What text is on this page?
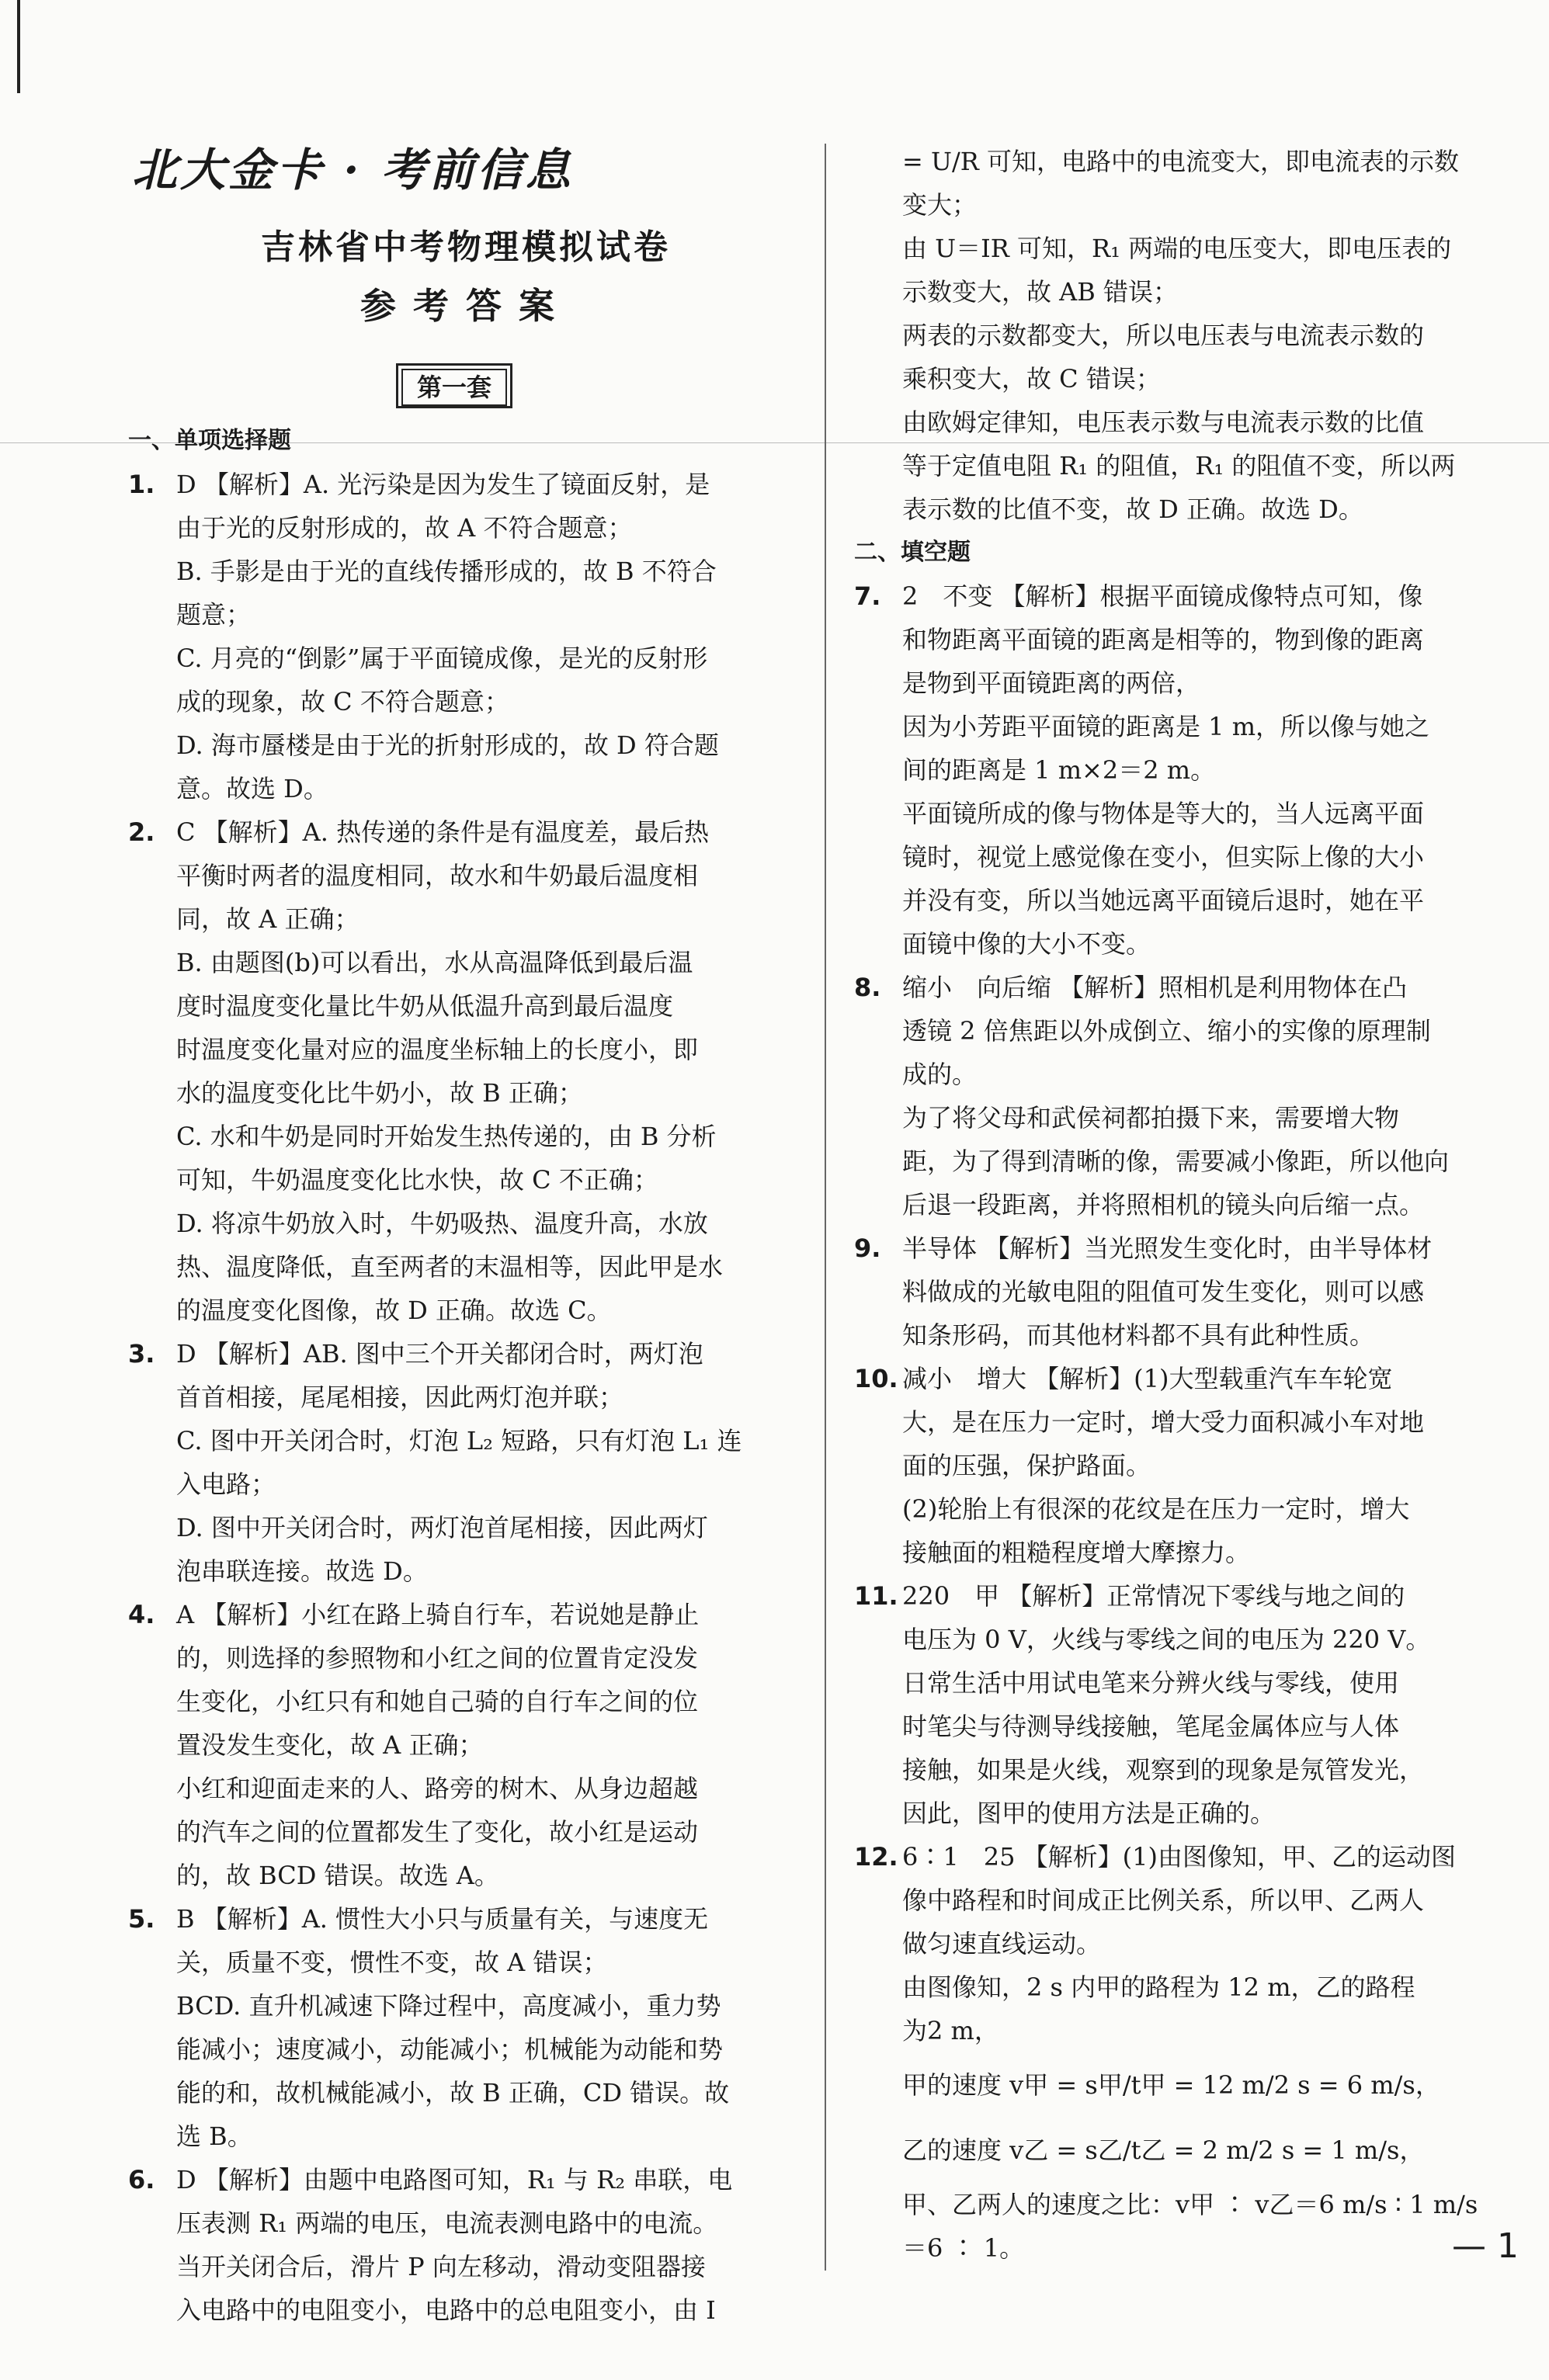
北大金卡 · 考前信息
吉林省中考物理模拟试卷
参考答案
第一套

一、单项选择题

1. D 【解析】A. 光污染是因为发生了镜面反射，是

由于光的反射形成的，故 A 不符合题意；

B. 手影是由于光的直线传播形成的，故 B 不符合

题意；

C. 月亮的“倒影”属于平面镜成像，是光的反射形

成的现象，故 C 不符合题意；

D. 海市蜃楼是由于光的折射形成的，故 D 符合题

意。故选 D。

2. C 【解析】A. 热传递的条件是有温度差，最后热

平衡时两者的温度相同，故水和牛奶最后温度相

同，故 A 正确；

B. 由题图(b)可以看出，水从高温降低到最后温

度时温度变化量比牛奶从低温升高到最后温度

时温度变化量对应的温度坐标轴上的长度小，即

水的温度变化比牛奶小，故 B 正确；

C. 水和牛奶是同时开始发生热传递的，由 B 分析

可知，牛奶温度变化比水快，故 C 不正确；

D. 将凉牛奶放入时，牛奶吸热、温度升高，水放

热、温度降低，直至两者的末温相等，因此甲是水

的温度变化图像，故 D 正确。故选 C。

3. D 【解析】AB. 图中三个开关都闭合时，两灯泡

首首相接，尾尾相接，因此两灯泡并联；

C. 图中开关闭合时，灯泡 L₂ 短路，只有灯泡 L₁ 连

入电路；

D. 图中开关闭合时，两灯泡首尾相接，因此两灯

泡串联连接。故选 D。

4. A 【解析】小红在路上骑自行车，若说她是静止

的，则选择的参照物和小红之间的位置肯定没发

生变化，小红只有和她自己骑的自行车之间的位

置没发生变化，故 A 正确；

小红和迎面走来的人、路旁的树木、从身边超越

的汽车之间的位置都发生了变化，故小红是运动

的，故 BCD 错误。故选 A。

5. B 【解析】A. 惯性大小只与质量有关，与速度无

关，质量不变，惯性不变，故 A 错误；

BCD. 直升机减速下降过程中，高度减小，重力势

能减小；速度减小，动能减小；机械能为动能和势

能的和，故机械能减小，故 B 正确，CD 错误。故

选 B。

6. D 【解析】由题中电路图可知，R₁ 与 R₂ 串联，电

压表测 R₁ 两端的电压，电流表测电路中的电流。

当开关闭合后，滑片 P 向左移动，滑动变阻器接

入电路中的电阻变小，电路中的总电阻变小，由 I

= U/R 可知，电路中的电流变大，即电流表的示数

变大；

由 U＝IR 可知，R₁ 两端的电压变大，即电压表的

示数变大，故 AB 错误；

两表的示数都变大，所以电压表与电流表示数的

乘积变大，故 C 错误；

由欧姆定律知，电压表示数与电流表示数的比值

等于定值电阻 R₁ 的阻值，R₁ 的阻值不变，所以两

表示数的比值不变，故 D 正确。故选 D。

二、填空题

7. 2　不变 【解析】根据平面镜成像特点可知，像

和物距离平面镜的距离是相等的，物到像的距离

是物到平面镜距离的两倍，

因为小芳距平面镜的距离是 1 m，所以像与她之

间的距离是 1 m×2＝2 m。

平面镜所成的像与物体是等大的，当人远离平面

镜时，视觉上感觉像在变小，但实际上像的大小

并没有变，所以当她远离平面镜后退时，她在平

面镜中像的大小不变。

8. 缩小　向后缩 【解析】照相机是利用物体在凸

透镜 2 倍焦距以外成倒立、缩小的实像的原理制

成的。

为了将父母和武侯祠都拍摄下来，需要增大物

距，为了得到清晰的像，需要减小像距，所以他向

后退一段距离，并将照相机的镜头向后缩一点。

9. 半导体 【解析】当光照发生变化时，由半导体材

料做成的光敏电阻的阻值可发生变化，则可以感

知条形码，而其他材料都不具有此种性质。

10. 减小　增大 【解析】(1)大型载重汽车车轮宽

大，是在压力一定时，增大受力面积减小车对地

面的压强，保护路面。

(2)轮胎上有很深的花纹是在压力一定时，增大

接触面的粗糙程度增大摩擦力。

11. 220　甲 【解析】正常情况下零线与地之间的

电压为 0 V，火线与零线之间的电压为 220 V。

日常生活中用试电笔来分辨火线与零线，使用

时笔尖与待测导线接触，笔尾金属体应与人体

接触，如果是火线，观察到的现象是氖管发光，

因此，图甲的使用方法是正确的。

12. 6∶1　25 【解析】(1)由图像知，甲、乙的运动图

像中路程和时间成正比例关系，所以甲、乙两人

做匀速直线运动。

由图像知，2 s 内甲的路程为 12 m，乙的路程

为2 m，

甲的速度 v甲 = s甲/t甲 = 12 m/2 s = 6 m/s，

乙的速度 v乙 = s乙/t乙 = 2 m/2 s = 1 m/s，

甲、乙两人的速度之比：v甲 ∶ v乙＝6 m/s ∶ 1 m/s

＝6 ∶ 1。	— 1
